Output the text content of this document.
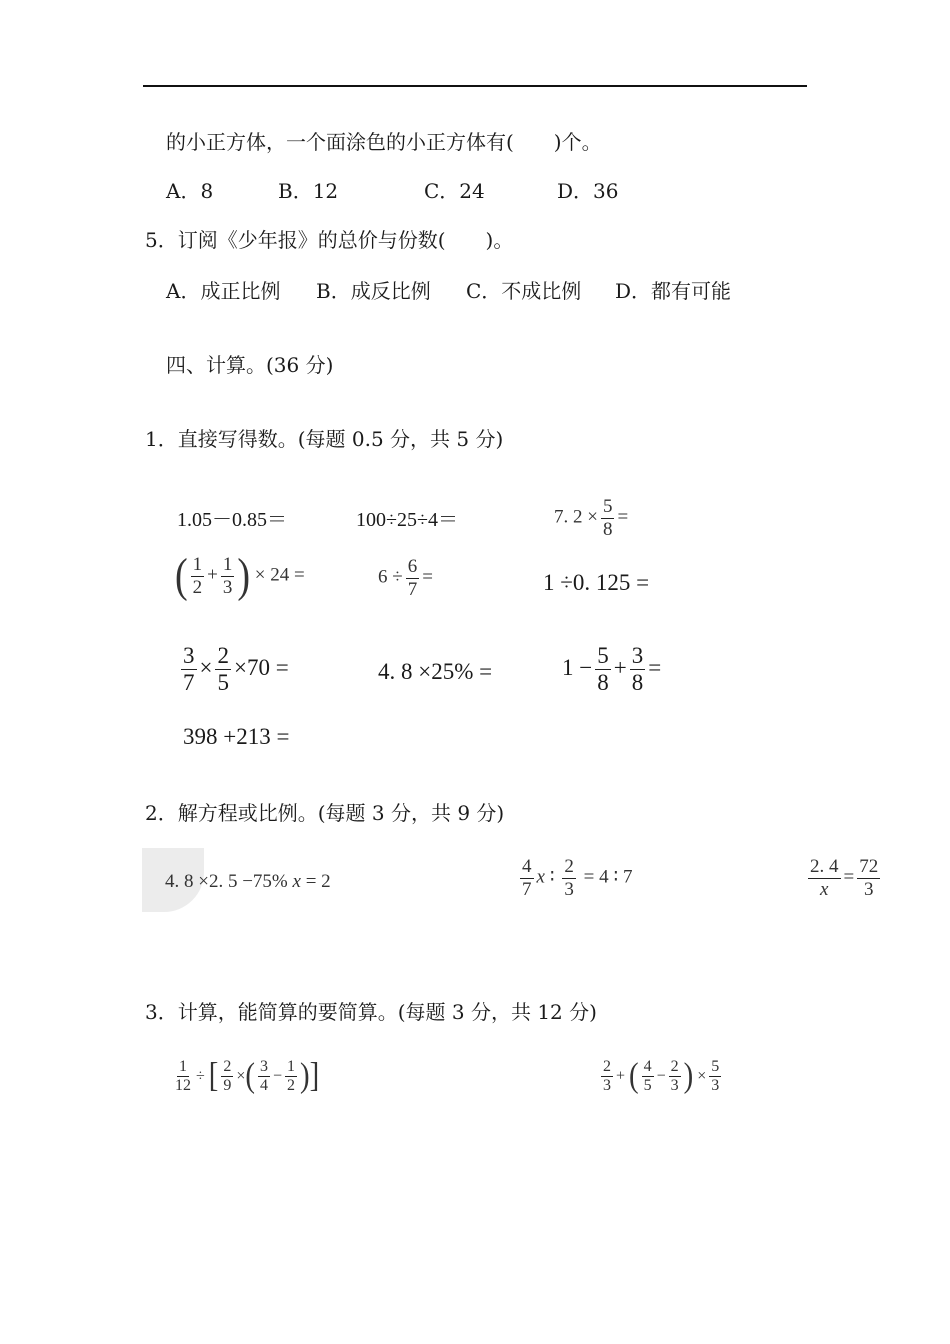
的小正方体，一个面涂色的小正方体有(　　)个。
A．8	B．12	C．24	D．36
5．订阅《少年报》的总价与份数(　　)。
A．成正比例 B．成反比例 C．不成比例 D．都有可能
四、计算。(36 分)
1．直接写得数。(每题 0.5 分，共 5 分)
1.05－0.85＝	100÷25÷4＝	7. $2 \times \frac{5}{8}$ =
( $\frac{1}{2} + \frac{1}{3}$ ) × 24 =	$6 \div \frac{6}{7}$ =	1 ÷0. 125 =
$\frac{3}{7} \times \frac{2}{5} \times 70$ =	4. 8 ×25% =	$1 - \frac{5}{8} + \frac{3}{8}$ =
398 +213 =
2．解方程或比例。(每题 3 分，共 9 分)
4. 8 ×2. 5 −75% x = 2	$\frac{4}{7}$ x ∶ $\frac{2}{3} = 4$ ∶ 7	$\frac{2. 4}{x} = \frac{72}{3}$
3．计算，能简算的要简算。(每题 3 分，共 12 分)
$\frac{1}{12}$ ÷ [ $\frac{2}{9}$ ×( $\frac{3}{4} - \frac{1}{2}$ )]	$\frac{2}{3}$ + ( $\frac{4}{5} - \frac{2}{3}$ ) × $\frac{5}{3}$
